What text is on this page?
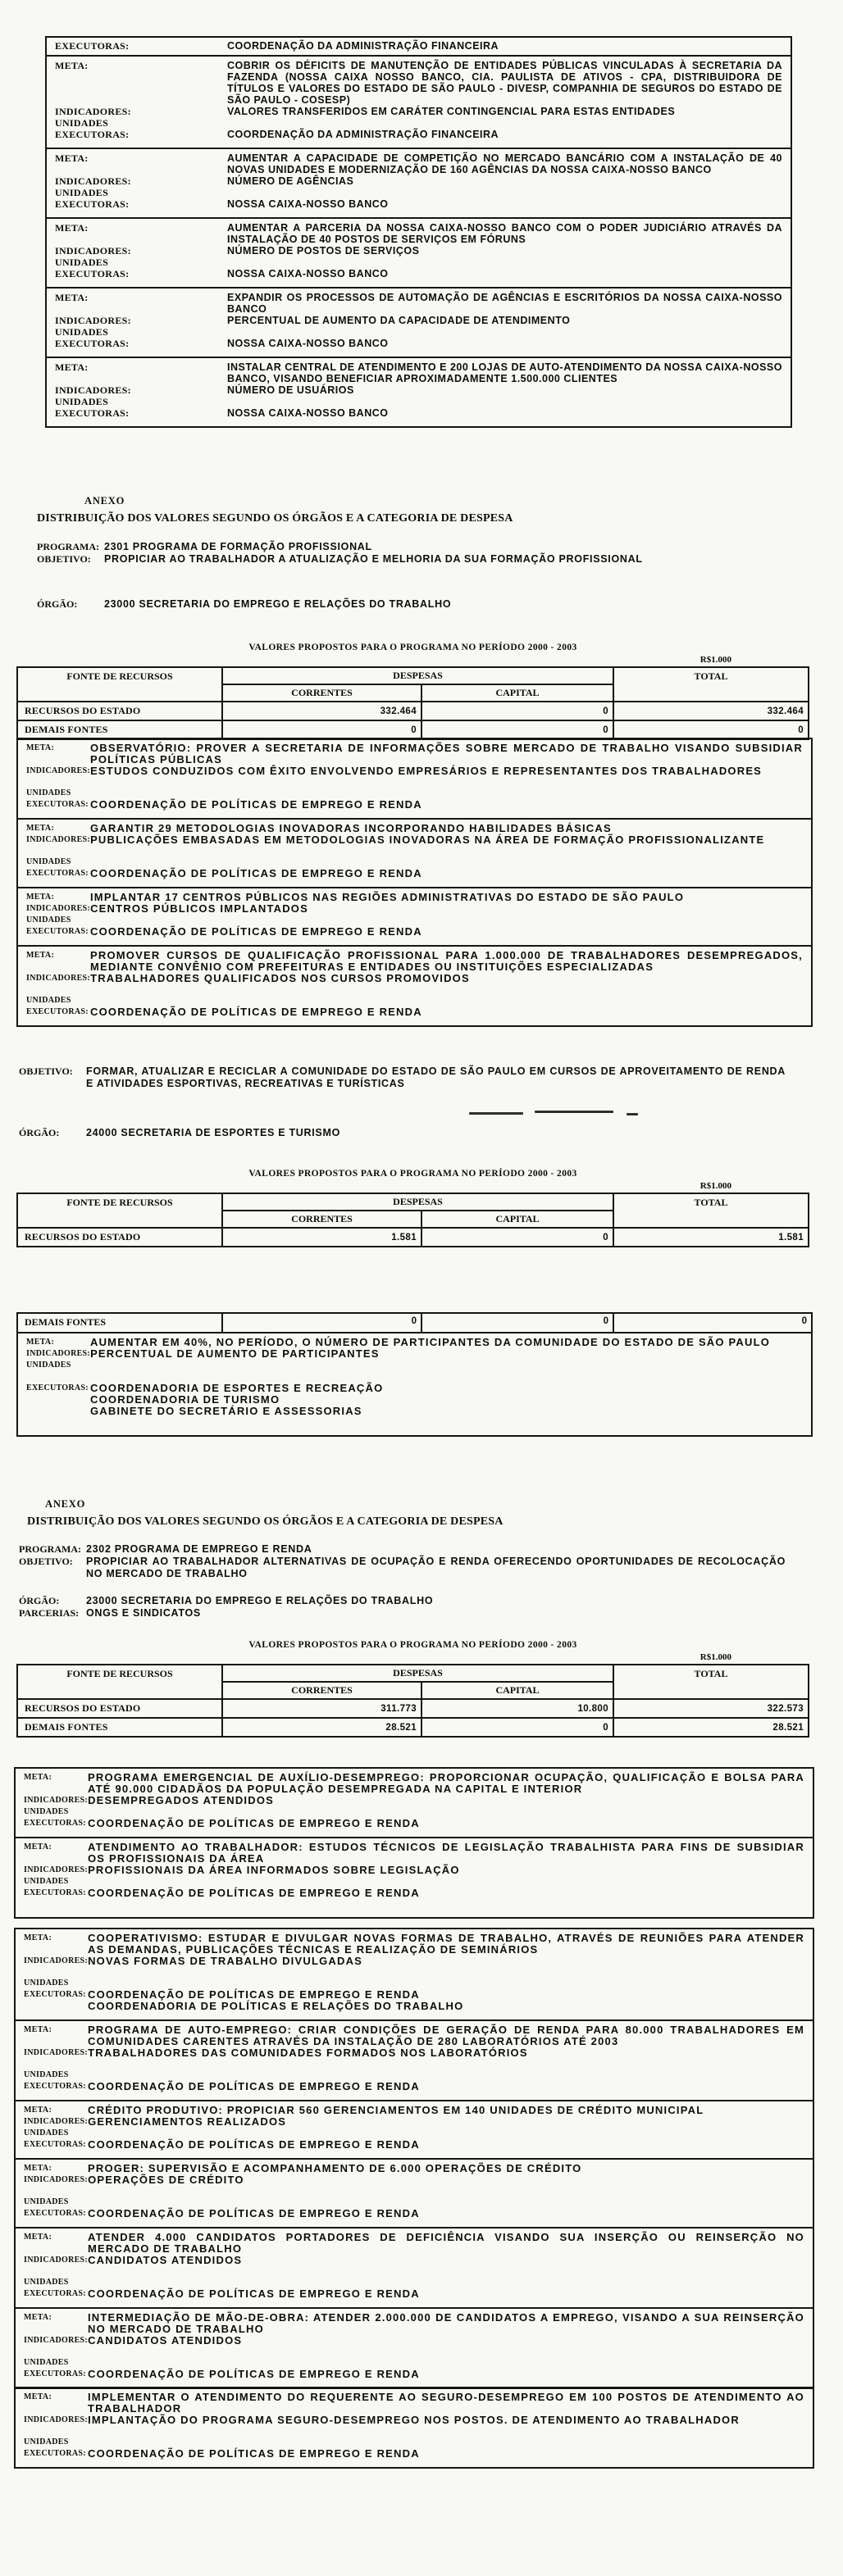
EXECUTORAS:	COORDENAÇÃO DA ADMINISTRAÇÃO FINANCEIRA
META:	COBRIR OS DÉFICITS DE MANUTENÇÃO DE ENTIDADES PÚBLICAS VINCULADAS À SECRETARIA DA FAZENDA (NOSSA CAIXA NOSSO BANCO, CIA. PAULISTA DE ATIVOS - CPA, DISTRIBUIDORA DE TÍTULOS E VALORES DO ESTADO DE SÃO PAULO - DIVESP, COMPANHIA DE SEGUROS DO ESTADO DE SÃO PAULO - COSESP)
INDICADORES:	VALORES TRANSFERIDOS EM CARÁTER CONTINGENCIAL PARA ESTAS ENTIDADES
UNIDADES
EXECUTORAS:	COORDENAÇÃO DA ADMINISTRAÇÃO FINANCEIRA
META:	AUMENTAR A CAPACIDADE DE COMPETIÇÃO NO MERCADO BANCÁRIO COM A INSTALAÇÃO DE 40 NOVAS UNIDADES E MODERNIZAÇÃO DE 160 AGÊNCIAS DA NOSSA CAIXA-NOSSO BANCO
INDICADORES:	NÚMERO DE AGÊNCIAS
UNIDADES
EXECUTORAS:	NOSSA CAIXA-NOSSO BANCO
META:	AUMENTAR A PARCERIA DA NOSSA CAIXA-NOSSO BANCO COM O PODER JUDICIÁRIO ATRAVÉS DA INSTALAÇÃO DE 40 POSTOS DE SERVIÇOS EM FÓRUNS
INDICADORES:	NÚMERO DE POSTOS DE SERVIÇOS
UNIDADES
EXECUTORAS:	NOSSA CAIXA-NOSSO BANCO
META:	EXPANDIR OS PROCESSOS DE AUTOMAÇÃO DE AGÊNCIAS E ESCRITÓRIOS DA NOSSA CAIXA-NOSSO BANCO
INDICADORES:	PERCENTUAL DE AUMENTO DA CAPACIDADE DE ATENDIMENTO
UNIDADES
EXECUTORAS:	NOSSA CAIXA-NOSSO BANCO
META:	INSTALAR CENTRAL DE ATENDIMENTO E 200 LOJAS DE AUTO-ATENDIMENTO DA NOSSA CAIXA-NOSSO BANCO, VISANDO BENEFICIAR APROXIMADAMENTE 1.500.000 CLIENTES
INDICADORES:	NÚMERO DE USUÁRIOS
UNIDADES
EXECUTORAS:	NOSSA CAIXA-NOSSO BANCO
ANEXO
DISTRIBUIÇÃO DOS VALORES SEGUNDO OS ÓRGÃOS E A CATEGORIA DE DESPESA
PROGRAMA: 2301 PROGRAMA DE FORMAÇÃO PROFISSIONAL
OBJETIVO:	PROPICIAR AO TRABALHADOR A ATUALIZAÇÃO E MELHORIA DA SUA FORMAÇÃO PROFISSIONAL
ÓRGÃO:	23000 SECRETARIA DO EMPREGO E RELAÇÕES DO TRABALHO
VALORES PROPOSTOS PARA O PROGRAMA NO PERÍODO 2000 - 2003
R$1.000
FONTE DE RECURSOS	DESPESAS		TOTAL
	CORRENTES	CAPITAL	
RECURSOS DO ESTADO	332.464	0	332.464
DEMAIS FONTES	0	0	0
META:	OBSERVATÓRIO: PROVER A SECRETARIA DE INFORMAÇÕES SOBRE MERCADO DE TRABALHO VISANDO SUBSIDIAR POLÍTICAS PÚBLICAS
INDICADORES: ESTUDOS CONDUZIDOS COM ÊXITO ENVOLVENDO EMPRESÁRIOS E REPRESENTANTES DOS TRABALHADORES
UNIDADES
EXECUTORAS: COORDENAÇÃO DE POLÍTICAS DE EMPREGO E RENDA
META:	GARANTIR 29 METODOLOGIAS INOVADORAS INCORPORANDO HABILIDADES BÁSICAS
INDICADORES: PUBLICAÇÕES EMBASADAS EM METODOLOGIAS INOVADORAS NA ÁREA DE FORMAÇÃO PROFISSIONALIZANTE
UNIDADES
EXECUTORAS: COORDENAÇÃO DE POLÍTICAS DE EMPREGO E RENDA
META:	IMPLANTAR 17 CENTROS PÚBLICOS NAS REGIÕES ADMINISTRATIVAS DO ESTADO DE SÃO PAULO
INDICADORES: CENTROS PÚBLICOS IMPLANTADOS
UNIDADES
EXECUTORAS: COORDENAÇÃO DE POLÍTICAS DE EMPREGO E RENDA
META:	PROMOVER CURSOS DE QUALIFICAÇÃO PROFISSIONAL PARA 1.000.000 DE TRABALHADORES DESEMPREGADOS, MEDIANTE CONVÊNIO COM PREFEITURAS E ENTIDADES OU INSTITUIÇÕES ESPECIALIZADAS
INDICADORES: TRABALHADORES QUALIFICADOS NOS CURSOS PROMOVIDOS
UNIDADES
EXECUTORAS: COORDENAÇÃO DE POLÍTICAS DE EMPREGO E RENDA
OBJETIVO:	FORMAR, ATUALIZAR E RECICLAR A COMUNIDADE DO ESTADO DE SÃO PAULO EM CURSOS DE APROVEITAMENTO DE RENDA E ATIVIDADES ESPORTIVAS, RECREATIVAS E TURÍSTICAS
ÓRGÃO:	24000 SECRETARIA DE ESPORTES E TURISMO
VALORES PROPOSTOS PARA O PROGRAMA NO PERÍODO 2000 - 2003
R$1.000
FONTE DE RECURSOS	DESPESAS		TOTAL
	CORRENTES	CAPITAL	
RECURSOS DO ESTADO	1.581	0	1.581
DEMAIS FONTES	0	0	0
META:	AUMENTAR EM 40%, NO PERÍODO, O NÚMERO DE PARTICIPANTES DA COMUNIDADE DO ESTADO DE SÃO PAULO
INDICADORES: PERCENTUAL DE AUMENTO DE PARTICIPANTES
UNIDADES
EXECUTORAS: COORDENADORIA DE ESPORTES E RECREAÇÃO
COORDENADORIA DE TURISMO
GABINETE DO SECRETÁRIO E ASSESSORIAS
ANEXO
DISTRIBUIÇÃO DOS VALORES SEGUNDO OS ÓRGÃOS E A CATEGORIA DE DESPESA
PROGRAMA: 2302 PROGRAMA DE EMPREGO E RENDA
OBJETIVO:	PROPICIAR AO TRABALHADOR ALTERNATIVAS DE OCUPAÇÃO E RENDA OFERECENDO OPORTUNIDADES DE RECOLOCAÇÃO NO MERCADO DE TRABALHO
ÓRGÃO:	23000 SECRETARIA DO EMPREGO E RELAÇÕES DO TRABALHO
PARCERIAS: ONGS E SINDICATOS
VALORES PROPOSTOS PARA O PROGRAMA NO PERÍODO 2000 - 2003
R$1.000
FONTE DE RECURSOS	DESPESAS		TOTAL
	CORRENTES	CAPITAL	
RECURSOS DO ESTADO	311.773	10.800	322.573
DEMAIS FONTES	28.521	0	28.521
META:	PROGRAMA EMERGENCIAL DE AUXÍLIO-DESEMPREGO: PROPORCIONAR OCUPAÇÃO, QUALIFICAÇÃO E BOLSA PARA ATÉ 90.000 CIDADÃOS DA POPULAÇÃO DESEMPREGADA NA CAPITAL E INTERIOR
INDICADORES: DESEMPREGADOS ATENDIDOS
UNIDADES
EXECUTORAS: COORDENAÇÃO DE POLÍTICAS DE EMPREGO E RENDA
META:	ATENDIMENTO AO TRABALHADOR: ESTUDOS TÉCNICOS DE LEGISLAÇÃO TRABALHISTA PARA FINS DE SUBSIDIAR OS PROFISSIONAIS DA ÁREA
INDICADORES: PROFISSIONAIS DA ÁREA INFORMADOS SOBRE LEGISLAÇÃO
UNIDADES
EXECUTORAS: COORDENAÇÃO DE POLÍTICAS DE EMPREGO E RENDA
META:	COOPERATIVISMO: ESTUDAR E DIVULGAR NOVAS FORMAS DE TRABALHO, ATRAVÉS DE REUNIÕES PARA ATENDER AS DEMANDAS, PUBLICAÇÕES TÉCNICAS E REALIZAÇÃO DE SEMINÁRIOS
INDICADORES: NOVAS FORMAS DE TRABALHO DIVULGADAS
UNIDADES
EXECUTORAS: COORDENAÇÃO DE POLÍTICAS DE EMPREGO E RENDA
COORDENADORIA DE POLÍTICAS E RELAÇÕES DO TRABALHO
META:	PROGRAMA DE AUTO-EMPREGO: CRIAR CONDIÇÕES DE GERAÇÃO DE RENDA PARA 80.000 TRABALHADORES EM COMUNIDADES CARENTES ATRAVÉS DA INSTALAÇÃO DE 280 LABORATÓRIOS ATÉ 2003
INDICADORES: TRABALHADORES DAS COMUNIDADES FORMADOS NOS LABORATÓRIOS
UNIDADES
EXECUTORAS: COORDENAÇÃO DE POLÍTICAS DE EMPREGO E RENDA
META:	CRÉDITO PRODUTIVO: PROPICIAR 560 GERENCIAMENTOS EM 140 UNIDADES DE CRÉDITO MUNICIPAL
INDICADORES: GERENCIAMENTOS REALIZADOS
UNIDADES
EXECUTORAS: COORDENAÇÃO DE POLÍTICAS DE EMPREGO E RENDA
META:	PROGER: SUPERVISÃO E ACOMPANHAMENTO DE 6.000 OPERAÇÕES DE CRÉDITO
INDICADORES: OPERAÇÕES DE CRÉDITO
UNIDADES
EXECUTORAS: COORDENAÇÃO DE POLÍTICAS DE EMPREGO E RENDA
META:	ATENDER 4.000 CANDIDATOS PORTADORES DE DEFICIÊNCIA VISANDO SUA INSERÇÃO OU REINSERÇÃO NO MERCADO DE TRABALHO
INDICADORES: CANDIDATOS ATENDIDOS
UNIDADES
EXECUTORAS: COORDENAÇÃO DE POLÍTICAS DE EMPREGO E RENDA
META:	INTERMEDIAÇÃO DE MÃO-DE-OBRA: ATENDER 2.000.000 DE CANDIDATOS A EMPREGO, VISANDO A SUA REINSERÇÃO NO MERCADO DE TRABALHO
INDICADORES: CANDIDATOS ATENDIDOS
UNIDADES
EXECUTORAS: COORDENAÇÃO DE POLÍTICAS DE EMPREGO E RENDA
META:	IMPLEMENTAR O ATENDIMENTO DO REQUERENTE AO SEGURO-DESEMPREGO EM 100 POSTOS DE ATENDIMENTO AO TRABALHADOR
INDICADORES: IMPLANTAÇÃO DO PROGRAMA SEGURO-DESEMPREGO NOS POSTOS. DE ATENDIMENTO AO TRABALHADOR
UNIDADES
EXECUTORAS: COORDENAÇÃO DE POLÍTICAS DE EMPREGO E RENDA
